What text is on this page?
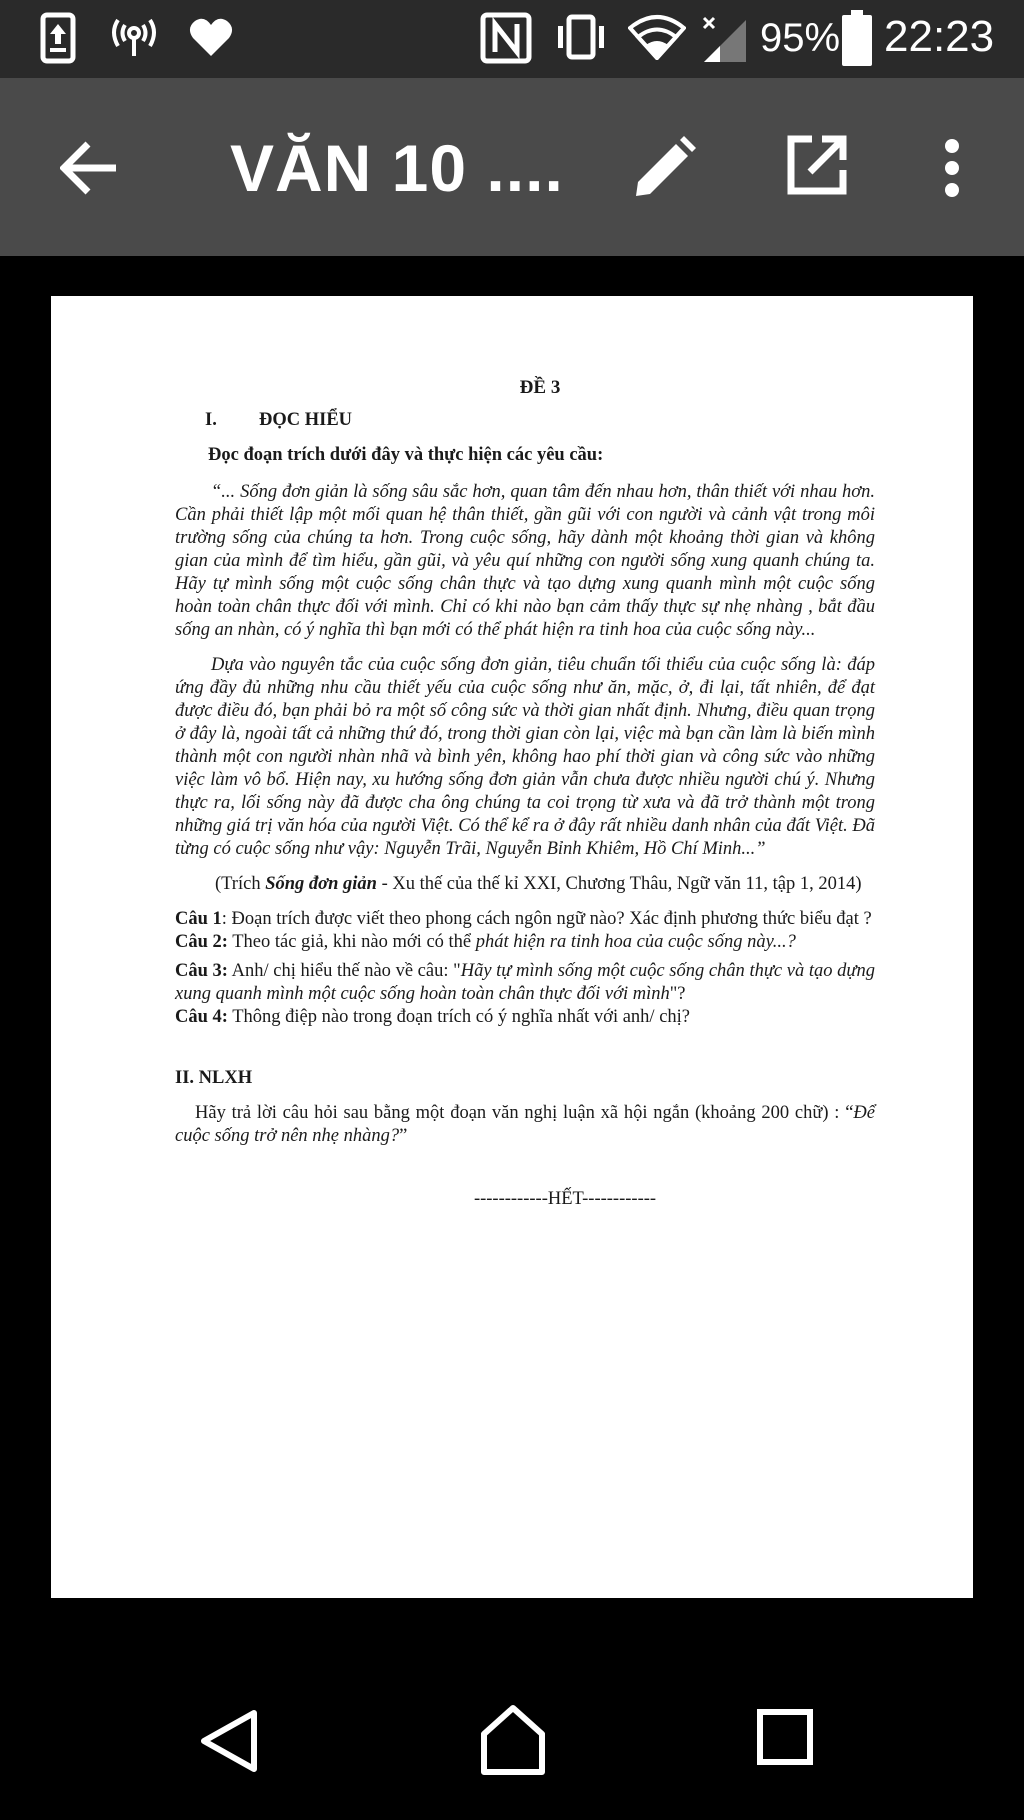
95% 22:23
VĂN 10 ....

ĐỀ 3

I. ĐỌC HIỂU

Đọc đoạn trích dưới đây và thực hiện các yêu cầu:

“... Sống đơn giản là sống sâu sắc hơn, quan tâm đến nhau hơn, thân thiết với nhau hơn. Cần phải thiết lập một mối quan hệ thân thiết, gần gũi với con người và cảnh vật trong môi trường sống của chúng ta hơn. Trong cuộc sống, hãy dành một khoảng thời gian và không gian của mình để tìm hiểu, gần gũi, và yêu quí những con người sống xung quanh chúng ta. Hãy tự mình sống một cuộc sống chân thực và tạo dựng xung quanh mình một cuộc sống hoàn toàn chân thực đối với mình. Chỉ có khi nào bạn cảm thấy thực sự nhẹ nhàng , bắt đầu sống an nhàn, có ý nghĩa thì bạn mới có thể phát hiện ra tinh hoa của cuộc sống này...

Dựa vào nguyên tắc của cuộc sống đơn giản, tiêu chuẩn tối thiểu của cuộc sống là: đáp ứng đầy đủ những nhu cầu thiết yếu của cuộc sống như ăn, mặc, ở, đi lại, tất nhiên, để đạt được điều đó, bạn phải bỏ ra một số công sức và thời gian nhất định. Nhưng, điều quan trọng ở đây là, ngoài tất cả những thứ đó, trong thời gian còn lại, việc mà bạn cần làm là biến mình thành một con người nhàn nhã và bình yên, không hao phí thời gian và công sức vào những việc làm vô bổ. Hiện nay, xu hướng sống đơn giản vẫn chưa được nhiều người chú ý. Nhưng thực ra, lối sống này đã được cha ông chúng ta coi trọng từ xưa và đã trở thành một trong những giá trị văn hóa của người Việt. Có thể kể ra ở đây rất nhiều danh nhân của đất Việt. Đã từng có cuộc sống như vậy: Nguyễn Trãi, Nguyễn Bỉnh Khiêm, Hồ Chí Minh...”

(Trích Sống đơn giản - Xu thế của thế kỉ XXI, Chương Thâu, Ngữ văn 11, tập 1, 2014)

Câu 1: Đoạn trích được viết theo phong cách ngôn ngữ nào? Xác định phương thức biểu đạt ?

Câu 2: Theo tác giả, khi nào mới có thể phát hiện ra tinh hoa của cuộc sống này...?

Câu 3: Anh/ chị hiểu thế nào về câu: "Hãy tự mình sống một cuộc sống chân thực và tạo dựng xung quanh mình một cuộc sống hoàn toàn chân thực đối với mình"?

Câu 4: Thông điệp nào trong đoạn trích có ý nghĩa nhất với anh/ chị?

II. NLXH

Hãy trả lời câu hỏi sau bằng một đoạn văn nghị luận xã hội ngắn (khoảng 200 chữ) : “Để cuộc sống trở nên nhẹ nhàng?”

------------HẾT------------
